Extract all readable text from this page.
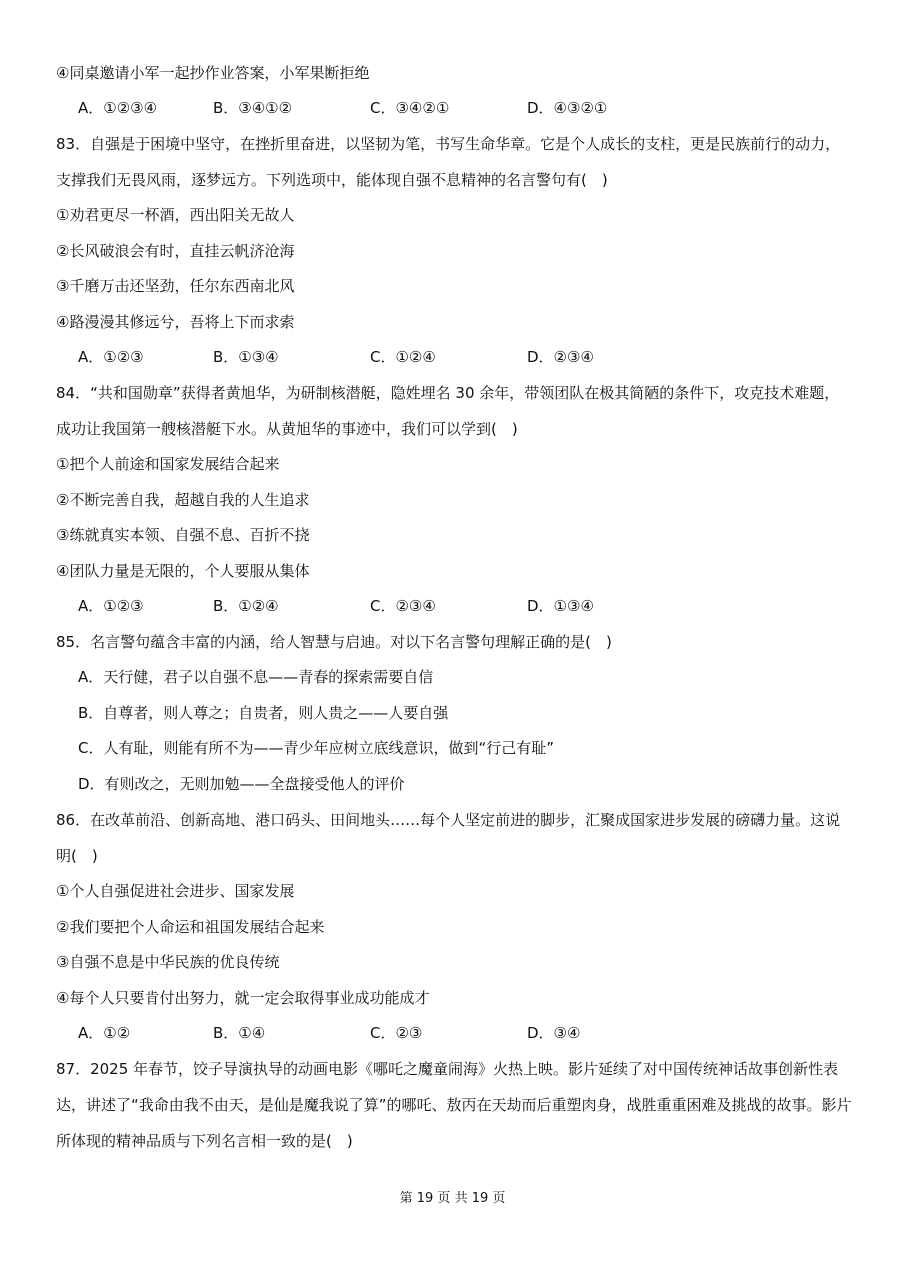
④同桌邀请小军一起抄作业答案，小军果断拒绝
A．①②③④	B．③④①②	C．③④②①	D．④③②①
83．自强是于困境中坚守，在挫折里奋进，以坚韧为笔，书写生命华章。它是个人成长的支柱，更是民族前行的动力，支撑我们无畏风雨，逐梦远方。下列选项中，能体现自强不息精神的名言警句有(　)
①劝君更尽一杯酒，西出阳关无故人
②长风破浪会有时，直挂云帆济沧海
③千磨万击还坚劲，任尔东西南北风
④路漫漫其修远兮，吾将上下而求索
A．①②③	B．①③④	C．①②④	D．②③④
84．“共和国勋章”获得者黄旭华，为研制核潜艇，隐姓埋名 30 余年，带领团队在极其简陋的条件下，攻克技术难题，成功让我国第一艘核潜艇下水。从黄旭华的事迹中，我们可以学到(　)
①把个人前途和国家发展结合起来
②不断完善自我，超越自我的人生追求
③练就真实本领、自强不息、百折不挠
④团队力量是无限的，个人要服从集体
A．①②③	B．①②④	C．②③④	D．①③④
85．名言警句蕴含丰富的内涵，给人智慧与启迪。对以下名言警句理解正确的是(　)
A．天行健，君子以自强不息——青春的探索需要自信
B．自尊者，则人尊之；自贵者，则人贵之——人要自强
C．人有耻，则能有所不为——青少年应树立底线意识，做到“行己有耻”
D．有则改之，无则加勉——全盘接受他人的评价
86．在改革前沿、创新高地、港口码头、田间地头……每个人坚定前进的脚步，汇聚成国家进步发展的磅礴力量。这说明(　)
①个人自强促进社会进步、国家发展
②我们要把个人命运和祖国发展结合起来
③自强不息是中华民族的优良传统
④每个人只要肯付出努力，就一定会取得事业成功能成才
A．①②	B．①④	C．②③	D．③④
87．2025 年春节，饺子导演执导的动画电影《哪吒之魔童闹海》火热上映。影片延续了对中国传统神话故事创新性表达，讲述了“我命由我不由天，是仙是魔我说了算”的哪吒、敖丙在天劫而后重塑肉身，战胜重重困难及挑战的故事。影片所体现的精神品质与下列名言相一致的是(　)
第 19 页 共 19 页
